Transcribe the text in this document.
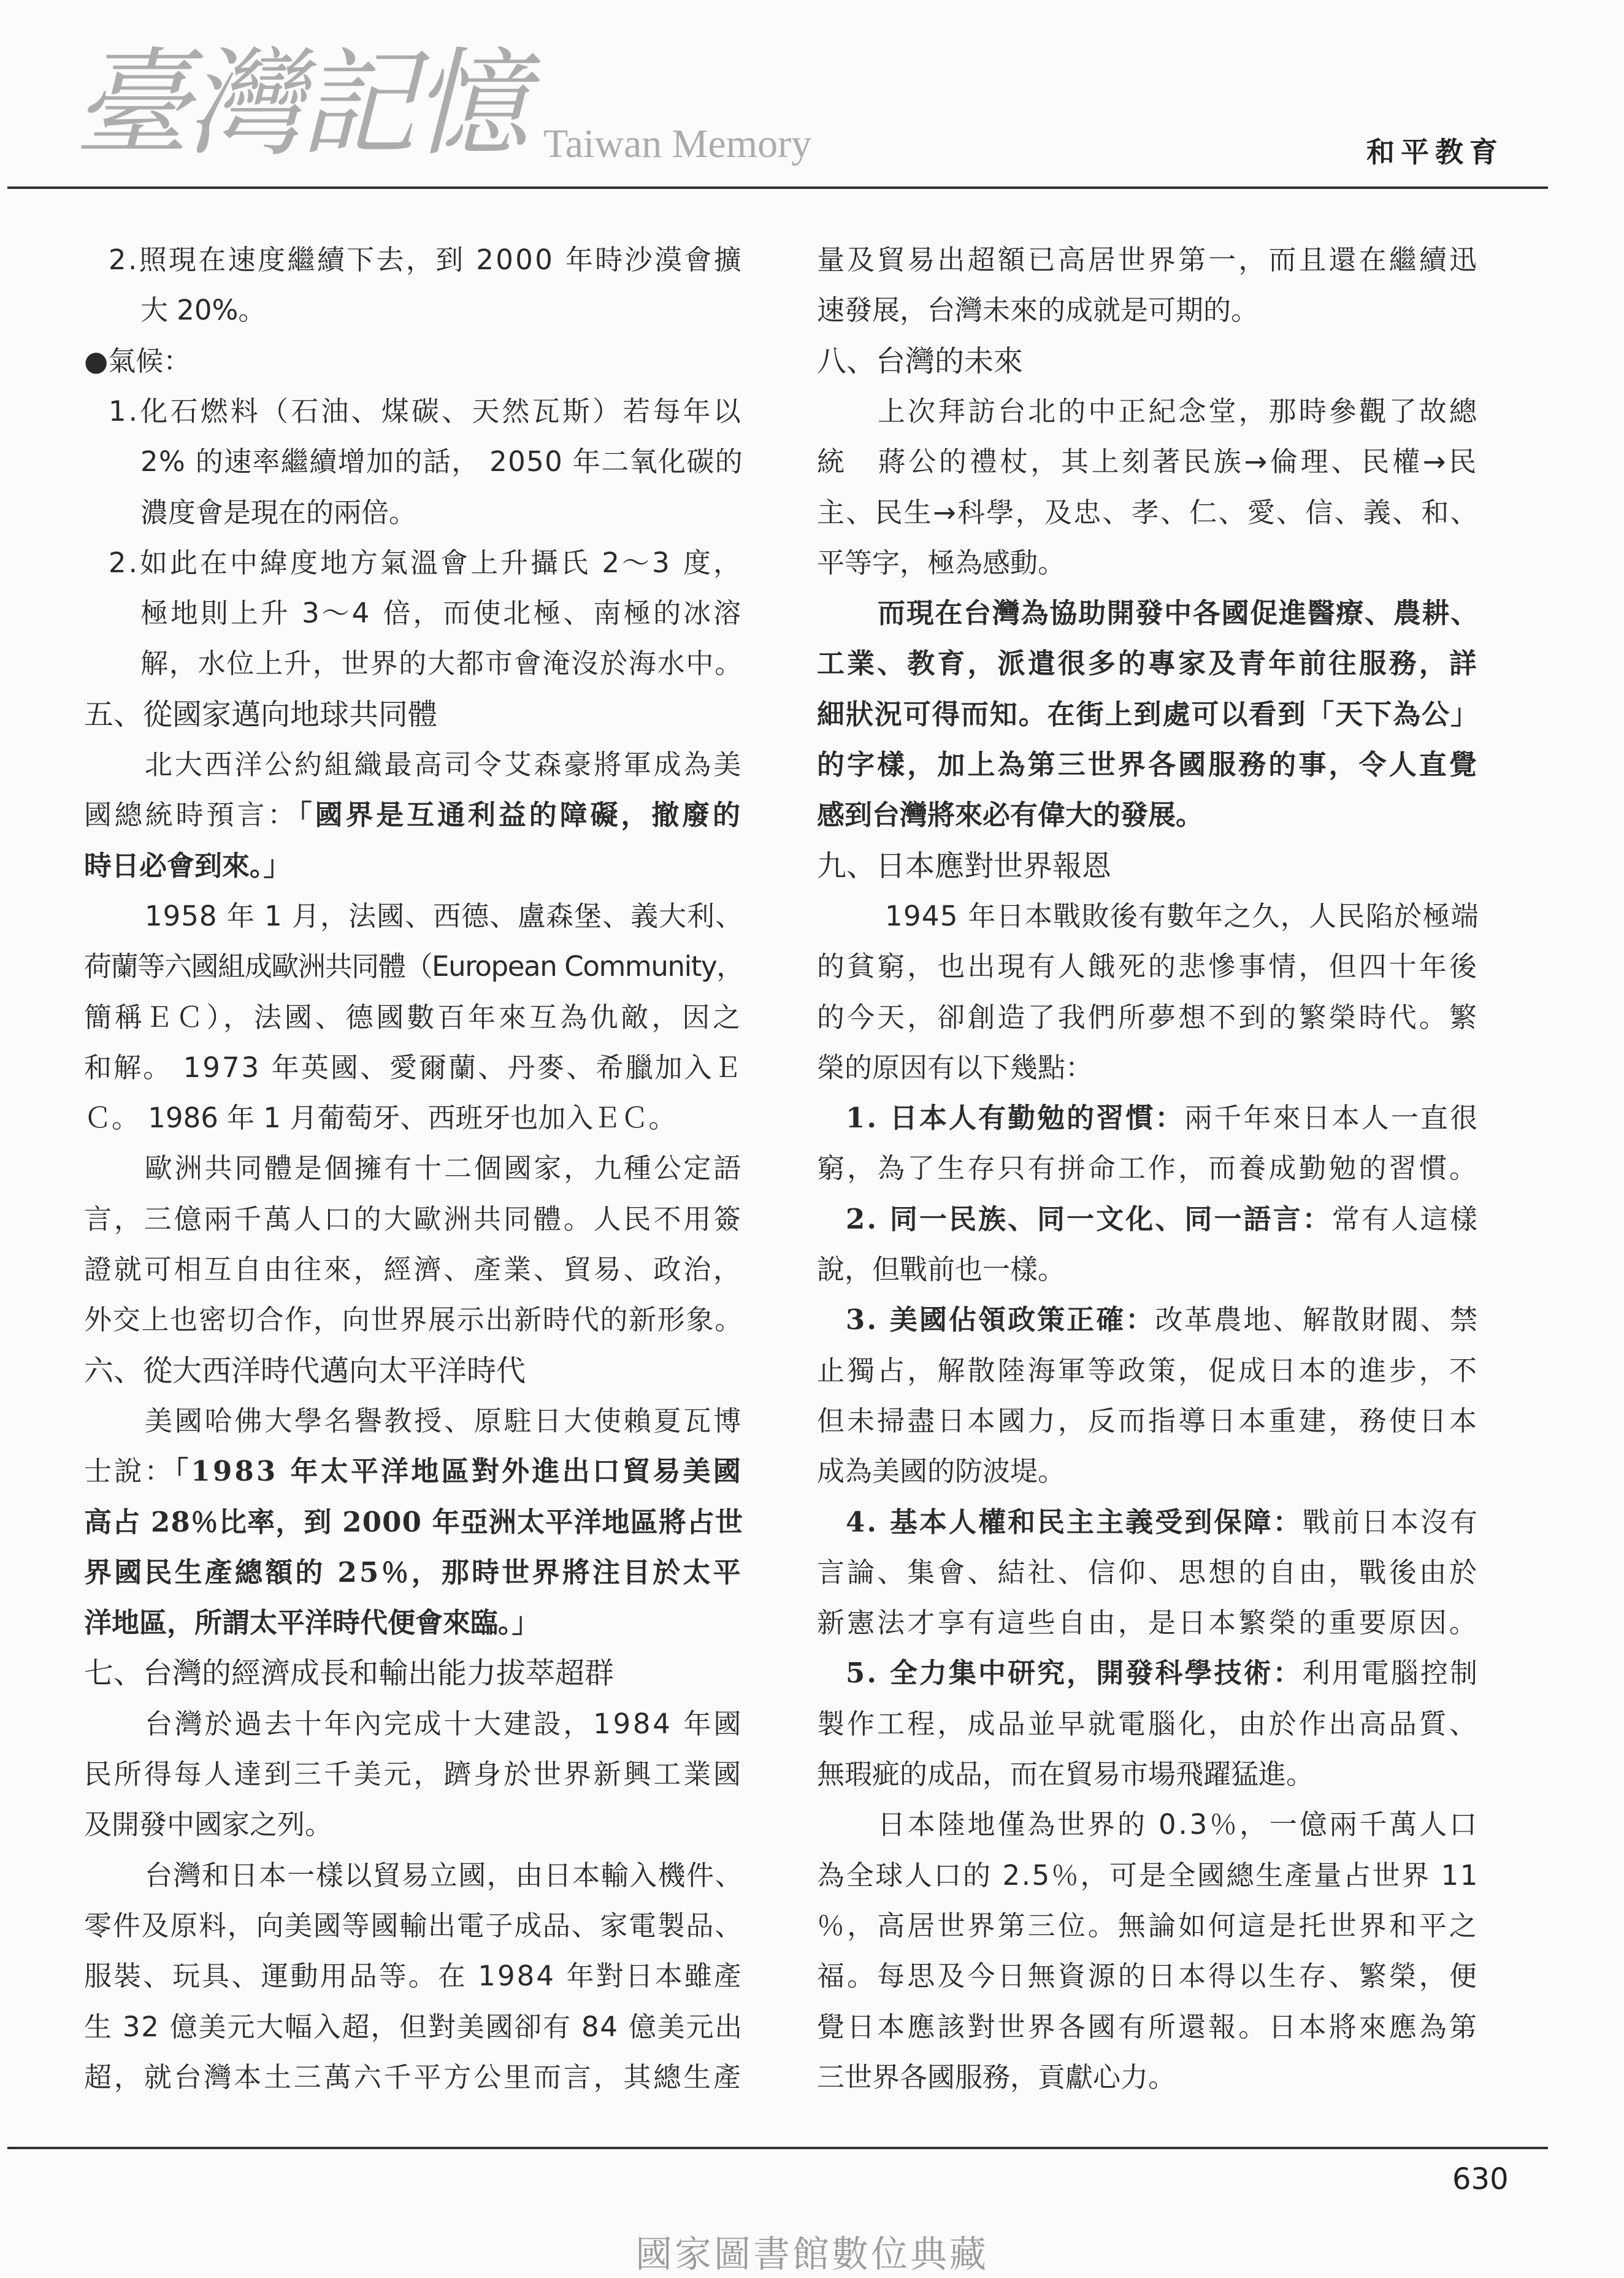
和平教育
臺灣記憶 Taiwan Memory
2.照現在速度繼續下去，到 2000 年時沙漠會擴
大 20%。
●氣候：
1.化石燃料（石油、煤碳、天然瓦斯）若每年以
2% 的速率繼續增加的話， 2050 年二氧化碳的
濃度會是現在的兩倍。
2.如此在中緯度地方氣溫會上升攝氏 2～3 度，
極地則上升 3～4 倍，而使北極、南極的冰溶
解，水位上升，世界的大都市會淹沒於海水中。
五、從國家邁向地球共同體
北大西洋公約組織最高司令艾森豪將軍成為美
國總統時預言：「國界是互通利益的障礙，撤廢的
時日必會到來。」
1958 年 1 月，法國、西德、盧森堡、義大利、
荷蘭等六國組成歐洲共同體（European Community，
簡稱ＥＣ），法國、德國數百年來互為仇敵，因之
和解。 1973 年英國、愛爾蘭、丹麥、希臘加入Ｅ
Ｃ。 1986 年 1 月葡萄牙、西班牙也加入ＥＣ。
歐洲共同體是個擁有十二個國家，九種公定語
言，三億兩千萬人口的大歐洲共同體。人民不用簽
證就可相互自由往來，經濟、產業、貿易、政治，
外交上也密切合作，向世界展示出新時代的新形象。
六、從大西洋時代邁向太平洋時代
美國哈佛大學名譽教授、原駐日大使賴夏瓦博
士說：「1983 年太平洋地區對外進出口貿易美國
高占 28％比率，到 2000 年亞洲太平洋地區將占世
界國民生產總額的 25％，那時世界將注目於太平
洋地區，所謂太平洋時代便會來臨。」
七、台灣的經濟成長和輸出能力拔萃超群
台灣於過去十年內完成十大建設，1984 年國
民所得每人達到三千美元，躋身於世界新興工業國
及開發中國家之列。
台灣和日本一樣以貿易立國，由日本輸入機件、
零件及原料，向美國等國輸出電子成品、家電製品、
服裝、玩具、運動用品等。在 1984 年對日本雖產
生 32 億美元大幅入超，但對美國卻有 84 億美元出
超，就台灣本土三萬六千平方公里而言，其總生產
量及貿易出超額已高居世界第一，而且還在繼續迅
速發展，台灣未來的成就是可期的。
八、台灣的未來
上次拜訪台北的中正紀念堂，那時參觀了故總
統　蔣公的禮杖，其上刻著民族→倫理、民權→民
主、民生→科學，及忠、孝、仁、愛、信、義、和、
平等字，極為感動。
而現在台灣為協助開發中各國促進醫療、農耕、
工業、教育，派遣很多的專家及青年前往服務，詳
細狀況可得而知。在街上到處可以看到「天下為公」
的字樣，加上為第三世界各國服務的事，令人直覺
感到台灣將來必有偉大的發展。
九、日本應對世界報恩
1945 年日本戰敗後有數年之久，人民陷於極端
的貧窮，也出現有人餓死的悲慘事情，但四十年後
的今天，卻創造了我們所夢想不到的繁榮時代。繁
榮的原因有以下幾點：
1. 日本人有勤勉的習慣：兩千年來日本人一直很
窮，為了生存只有拼命工作，而養成勤勉的習慣。
2. 同一民族、同一文化、同一語言：常有人這樣
說，但戰前也一樣。
3. 美國佔領政策正確：改革農地、解散財閥、禁
止獨占，解散陸海軍等政策，促成日本的進步，不
但未掃盡日本國力，反而指導日本重建，務使日本
成為美國的防波堤。
4. 基本人權和民主主義受到保障：戰前日本沒有
言論、集會、結社、信仰、思想的自由，戰後由於
新憲法才享有這些自由，是日本繁榮的重要原因。
5. 全力集中研究，開發科學技術：利用電腦控制
製作工程，成品並早就電腦化，由於作出高品質、
無瑕疵的成品，而在貿易市場飛躍猛進。
日本陸地僅為世界的 0.3％，一億兩千萬人口
為全球人口的 2.5％，可是全國總生產量占世界 11
％，高居世界第三位。無論如何這是托世界和平之
福。每思及今日無資源的日本得以生存、繁榮，便
覺日本應該對世界各國有所還報。日本將來應為第
三世界各國服務，貢獻心力。
630
國家圖書館數位典藏
